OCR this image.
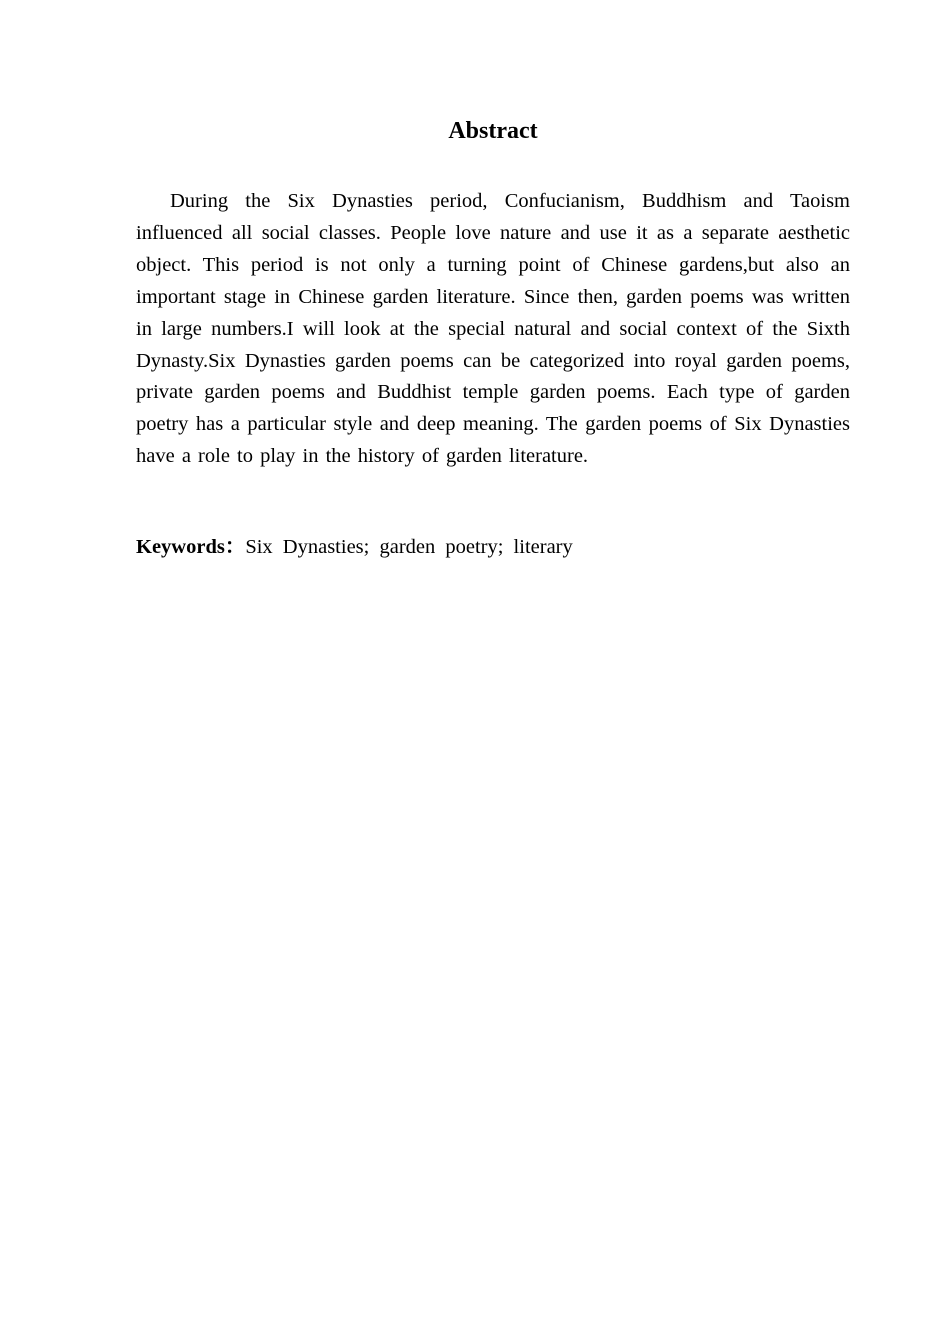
Abstract

During the Six Dynasties period, Confucianism, Buddhism and Taoism influenced all social classes. People love nature and use it as a separate aesthetic object. This period is not only a turning point of Chinese gardens,but also an important stage in Chinese garden literature. Since then, garden poems was written in large numbers.I will look at the special natural and social context of the Sixth Dynasty.Six Dynasties garden poems can be categorized into royal garden poems, private garden poems and Buddhist temple garden poems. Each type of garden poetry has a particular style and deep meaning. The garden poems of Six Dynasties have a role to play in the history of garden literature.

Keywords：Six Dynasties; garden poetry; literary
